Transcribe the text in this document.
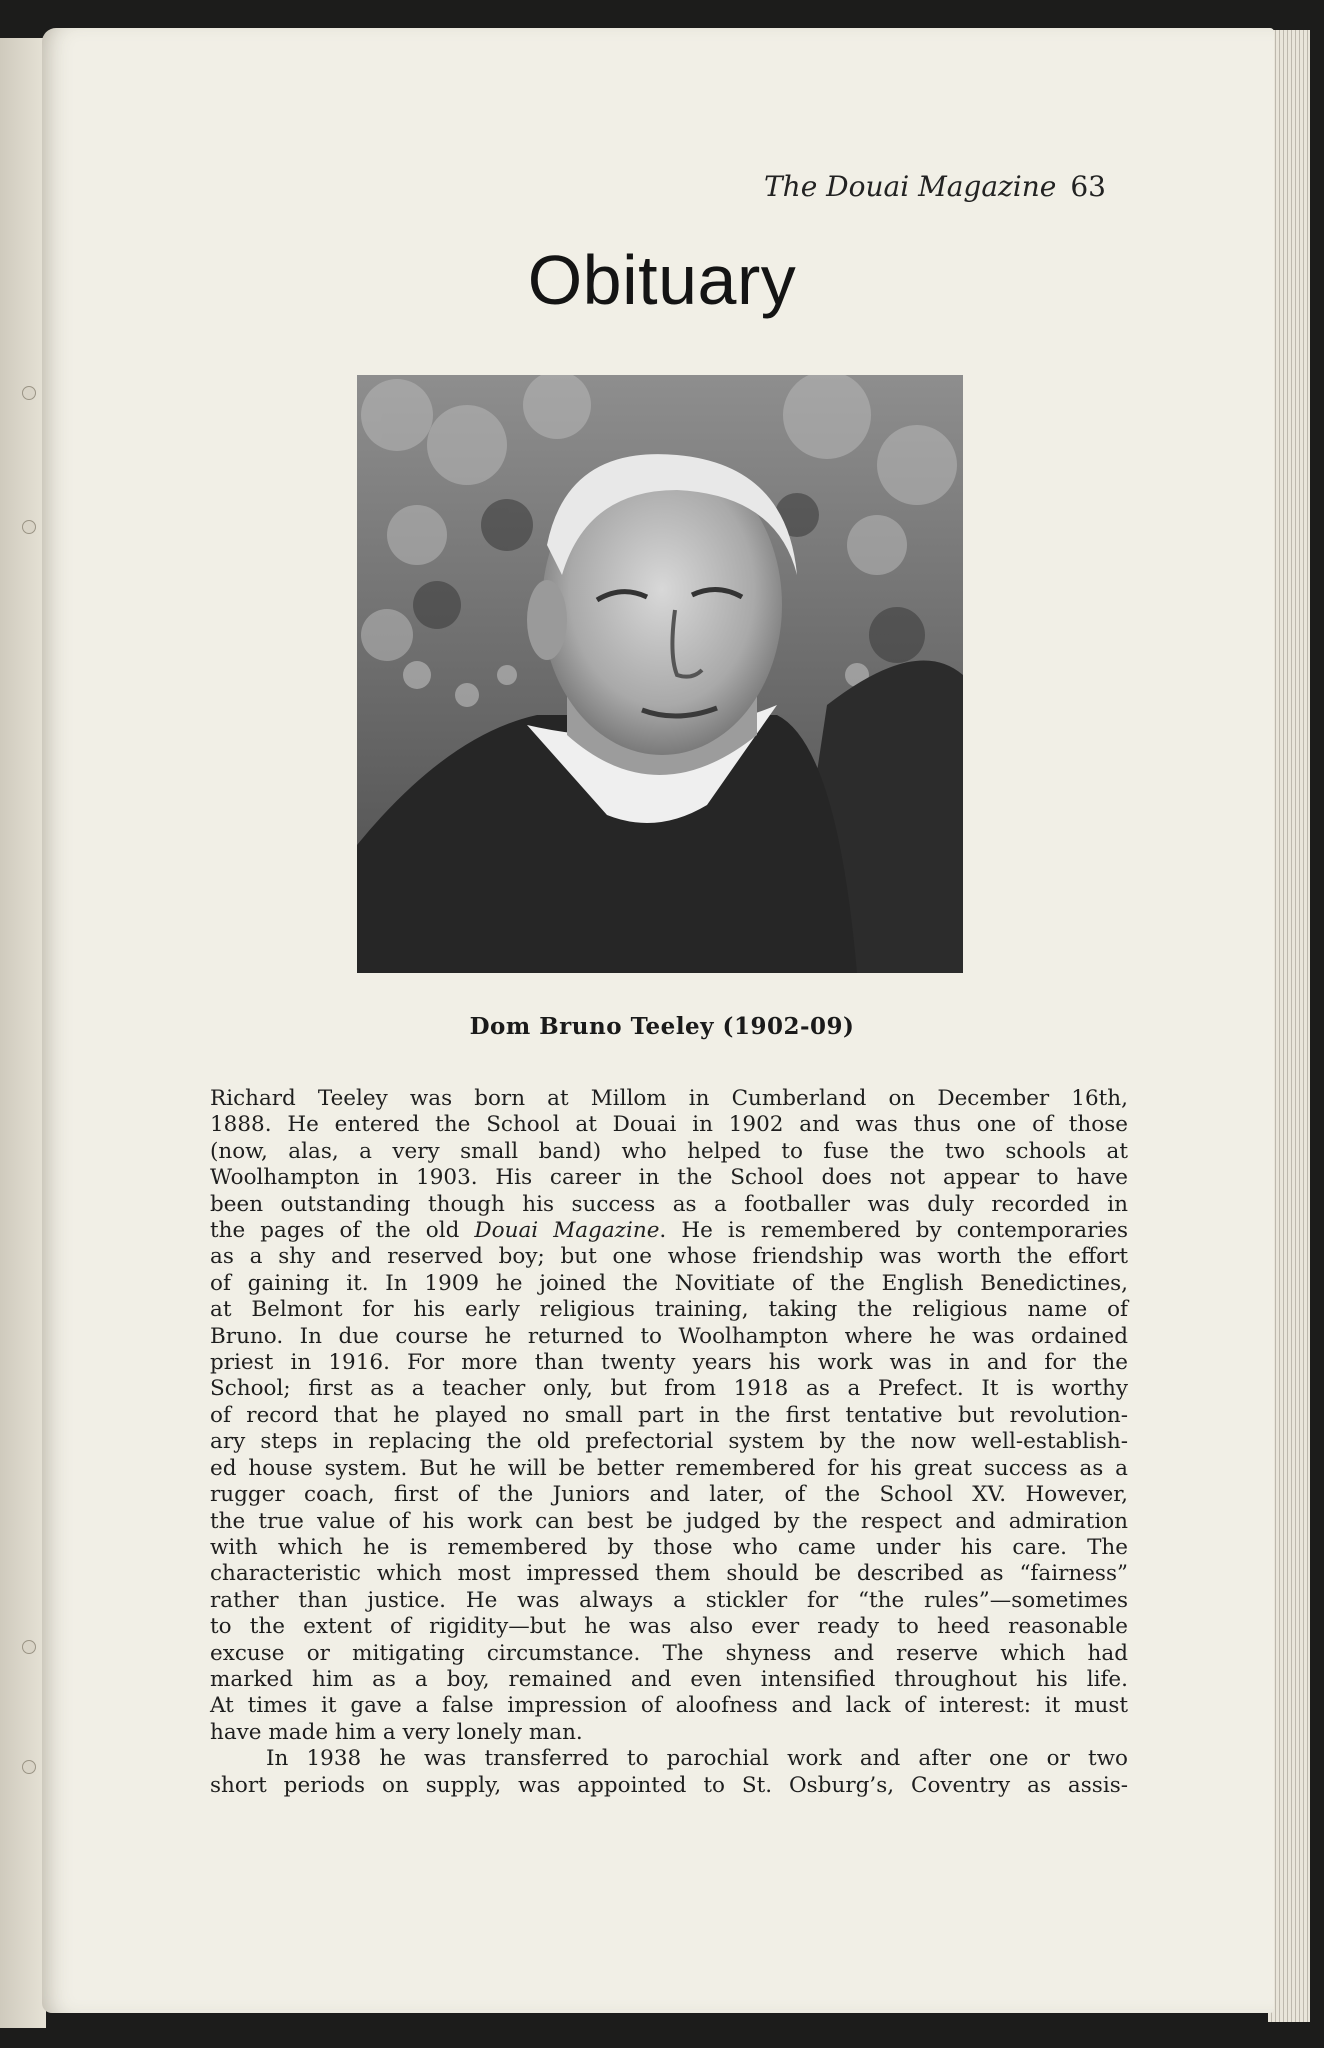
The Douai Magazine 63
Obituary
Dom Bruno Teeley (1902-09)
Richard Teeley was born at Millom in Cumberland on December 16th,
1888. He entered the School at Douai in 1902 and was thus one of those
(now, alas, a very small band) who helped to fuse the two schools at
Woolhampton in 1903. His career in the School does not appear to have
been outstanding though his success as a footballer was duly recorded in
the pages of the old Douai Magazine. He is remembered by contemporaries
as a shy and reserved boy; but one whose friendship was worth the effort
of gaining it. In 1909 he joined the Novitiate of the English Benedictines,
at Belmont for his early religious training, taking the religious name of
Bruno. In due course he returned to Woolhampton where he was ordained
priest in 1916. For more than twenty years his work was in and for the
School; first as a teacher only, but from 1918 as a Prefect. It is worthy
of record that he played no small part in the first tentative but revolution-
ary steps in replacing the old prefectorial system by the now well-establish-
ed house system. But he will be better remembered for his great success as a
rugger coach, first of the Juniors and later, of the School XV. However,
the true value of his work can best be judged by the respect and admiration
with which he is remembered by those who came under his care. The
characteristic which most impressed them should be described as “fairness”
rather than justice. He was always a stickler for “the rules”—sometimes
to the extent of rigidity—but he was also ever ready to heed reasonable
excuse or mitigating circumstance. The shyness and reserve which had
marked him as a boy, remained and even intensified throughout his life.
At times it gave a false impression of aloofness and lack of interest: it must
have made him a very lonely man.
In 1938 he was transferred to parochial work and after one or two
short periods on supply, was appointed to St. Osburg’s, Coventry as assis-
